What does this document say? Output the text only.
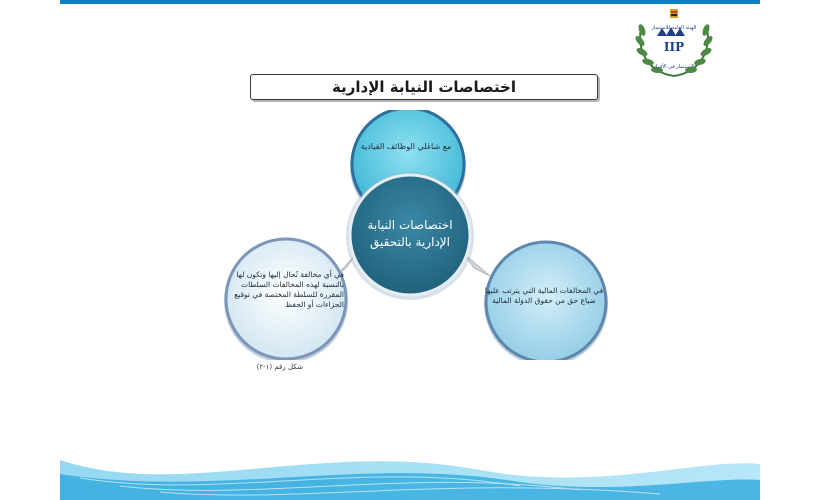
الهيئة العامة للاستثمار
IIP
الاستثمار في الأفراد
اختصاصات النيابة الإدارية
مع شاغلي الوظائف القيادية
في أي مخالفة تُحال إليها وتكون لها بالنسبة لهذه المخالفات السلطات المقررة للسلطة المختصة في توقيع الجزاءات أو الحفظ
في المخالفات المالية التي يترتب عليها ضياع حق من حقوق الدولة المالية
اختصاصات النيابة الإدارية بالتحقيق
شكل رقم (١-٢)
